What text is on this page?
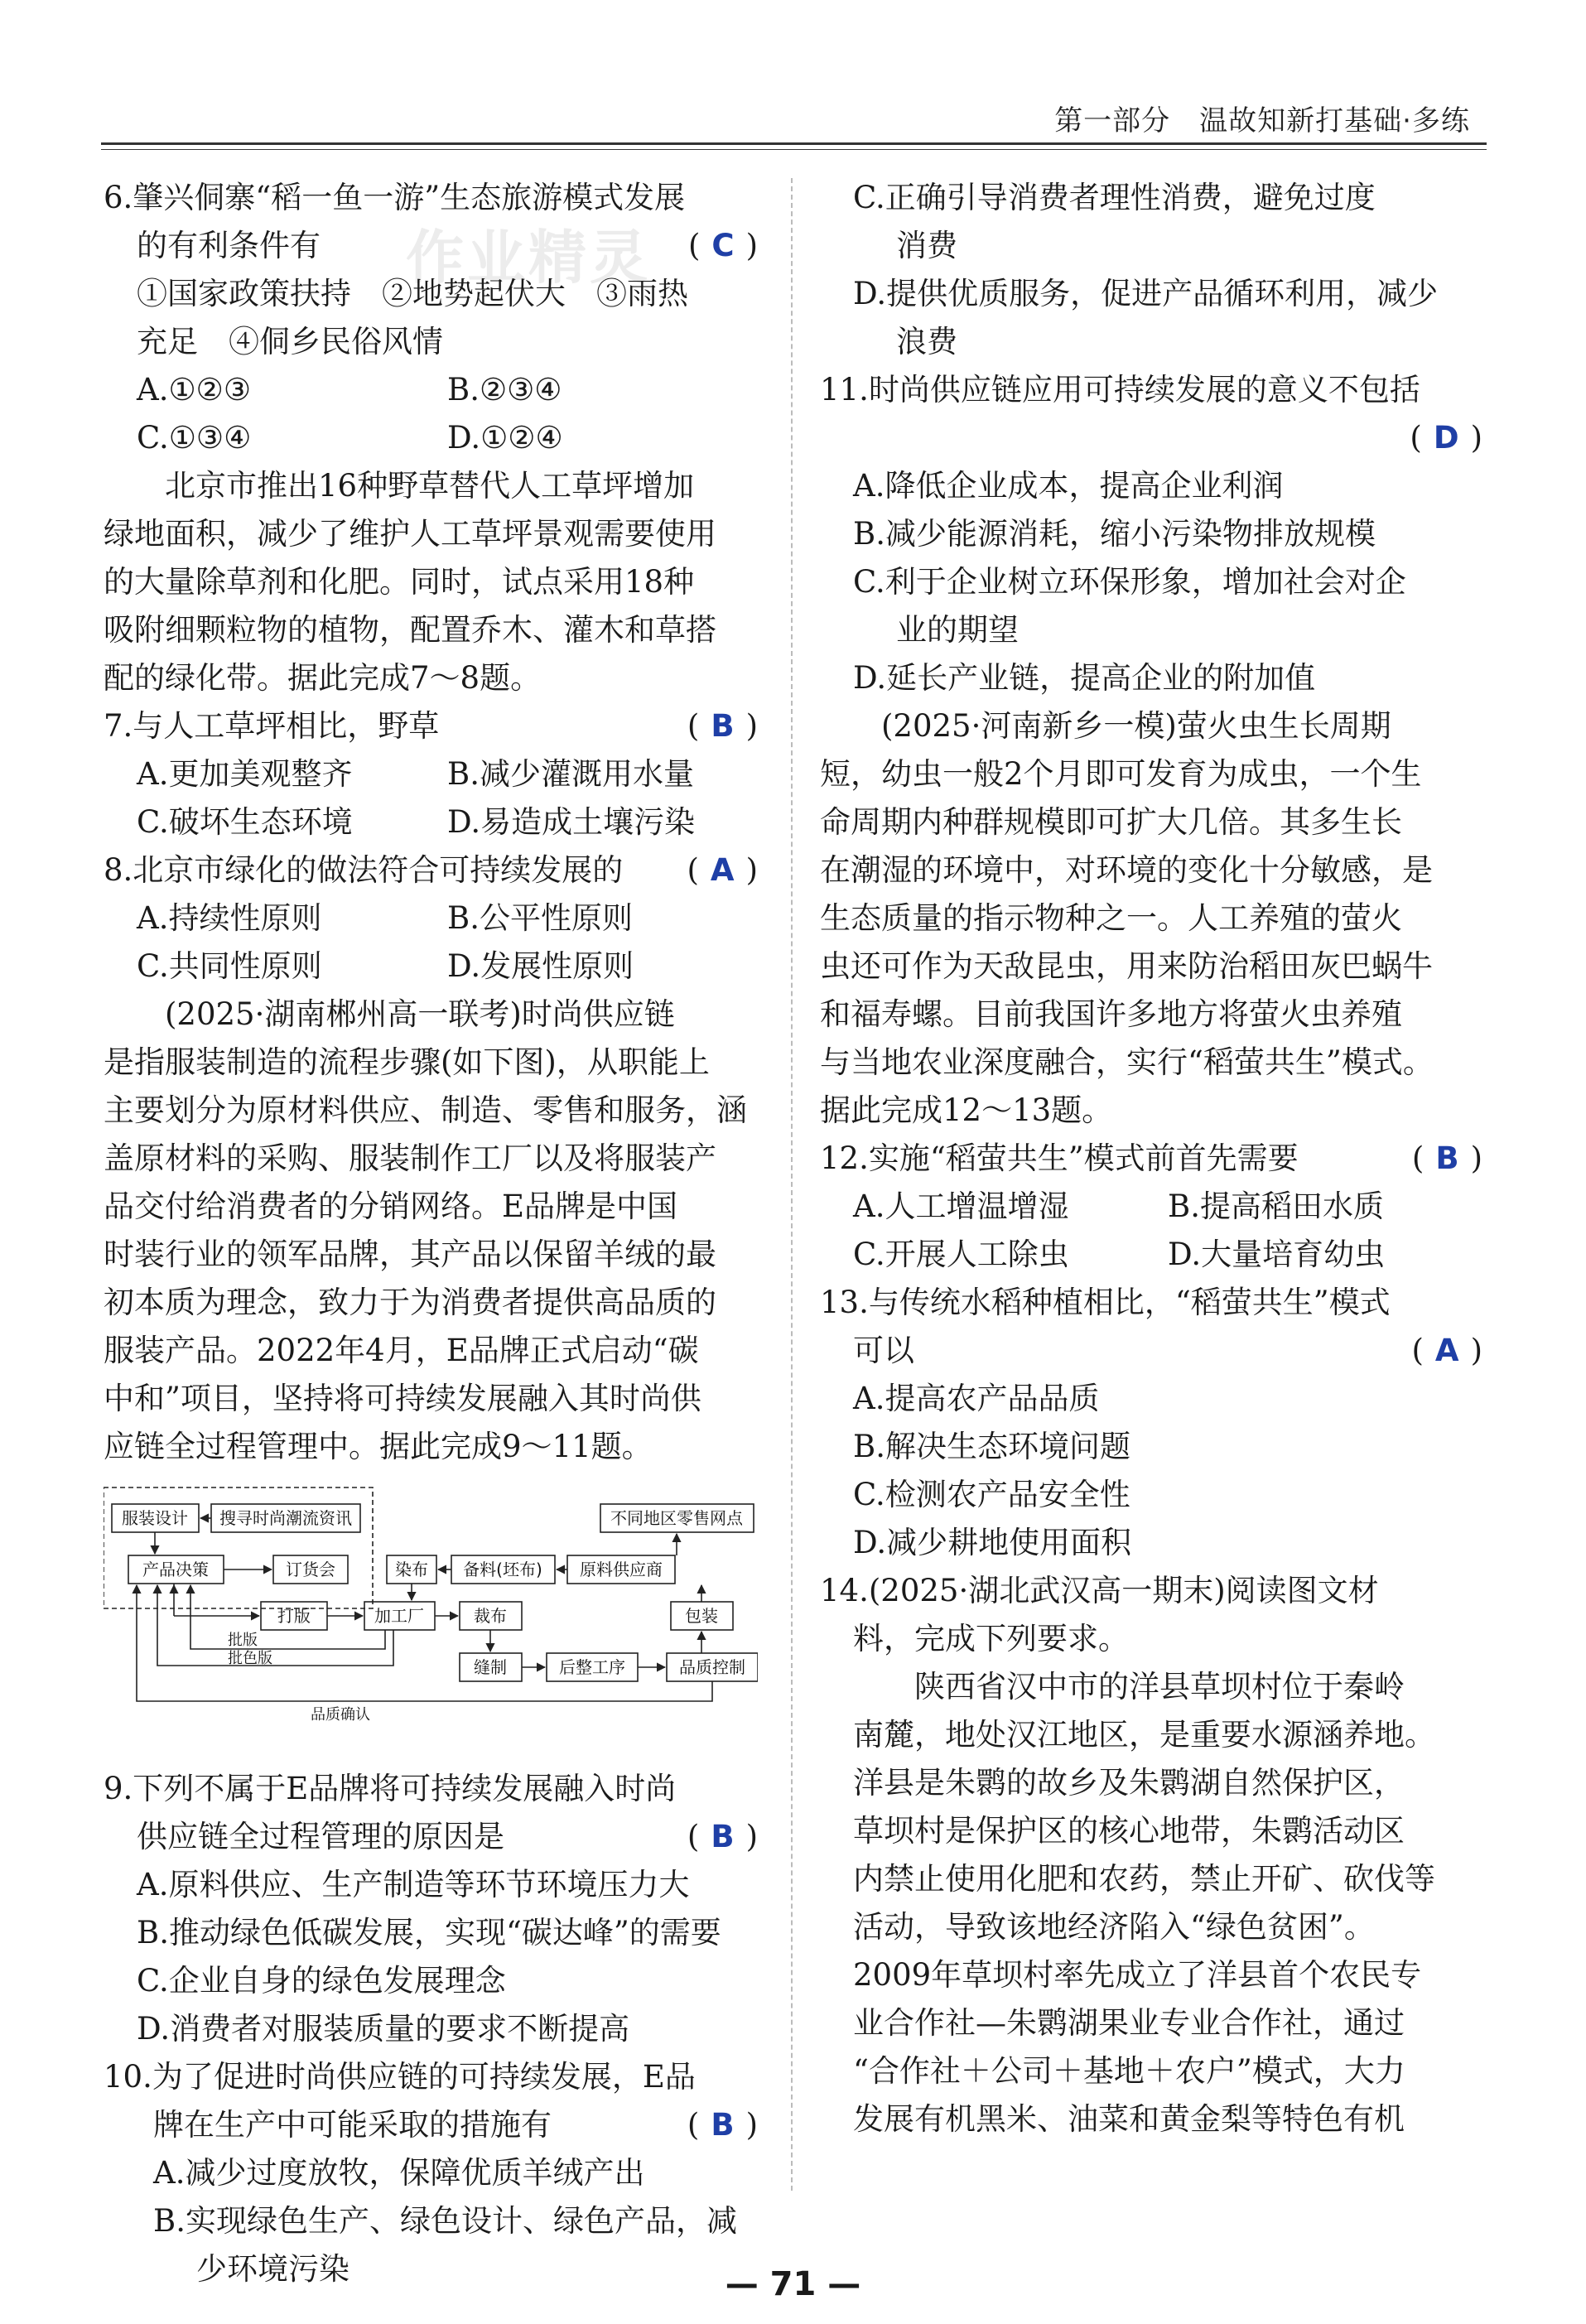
第一部分　温故知新打基础·多练
作业精灵
6.肇兴侗寨“稻一鱼一游”生态旅游模式发展
的有利条件有	( C )
①国家政策扶持　②地势起伏大　③雨热
充足　④侗乡民俗风情
A.①②③	B.②③④
C.①③④	D.①②④
北京市推出16种野草替代人工草坪增加
绿地面积，减少了维护人工草坪景观需要使用
的大量除草剂和化肥。同时，试点采用18种
吸附细颗粒物的植物，配置乔木、灌木和草搭
配的绿化带。据此完成7～8题。
7.与人工草坪相比，野草	( B )
A.更加美观整齐	B.减少灌溉用水量
C.破坏生态环境	D.易造成土壤污染
8.北京市绿化的做法符合可持续发展的	( A )
A.持续性原则	B.公平性原则
C.共同性原则	D.发展性原则
(2025·湖南郴州高一联考)时尚供应链
是指服装制造的流程步骤(如下图)，从职能上
主要划分为原材料供应、制造、零售和服务，涵
盖原材料的采购、服装制作工厂以及将服装产
品交付给消费者的分销网络。E品牌是中国
时装行业的领军品牌，其产品以保留羊绒的最
初本质为理念，致力于为消费者提供高品质的
服装产品。2022年4月，E品牌正式启动“碳
中和”项目，坚持将可持续发展融入其时尚供
应链全过程管理中。据此完成9～11题。
服装设计 搜寻时尚潮流资讯
产品决策	订货会
打版	加工厂
染布 备料(坯布) 原料供应商
裁布
缝制	后整工序	品质控制
包装
不同地区零售网点
批版
批色版
品质确认
9.下列不属于E品牌将可持续发展融入时尚
供应链全过程管理的原因是	( B )
A.原料供应、生产制造等环节环境压力大
B.推动绿色低碳发展，实现“碳达峰”的需要
C.企业自身的绿色发展理念
D.消费者对服装质量的要求不断提高
10.为了促进时尚供应链的可持续发展，E品
牌在生产中可能采取的措施有	( B )
A.减少过度放牧，保障优质羊绒产出
B.实现绿色生产、绿色设计、绿色产品，减
少环境污染
C.正确引导消费者理性消费，避免过度
消费
D.提供优质服务，促进产品循环利用，减少
浪费
11.时尚供应链应用可持续发展的意义不包括
( D )
A.降低企业成本，提高企业利润
B.减少能源消耗，缩小污染物排放规模
C.利于企业树立环保形象，增加社会对企
业的期望
D.延长产业链，提高企业的附加值
(2025·河南新乡一模)萤火虫生长周期
短，幼虫一般2个月即可发育为成虫，一个生
命周期内种群规模即可扩大几倍。其多生长
在潮湿的环境中，对环境的变化十分敏感，是
生态质量的指示物种之一。人工养殖的萤火
虫还可作为天敌昆虫，用来防治稻田灰巴蜗牛
和福寿螺。目前我国许多地方将萤火虫养殖
与当地农业深度融合，实行“稻萤共生”模式。
据此完成12～13题。
12.实施“稻萤共生”模式前首先需要	( B )
A.人工增温增湿	B.提高稻田水质
C.开展人工除虫	D.大量培育幼虫
13.与传统水稻种植相比，“稻萤共生”模式
可以	( A )
A.提高农产品品质
B.解决生态环境问题
C.检测农产品安全性
D.减少耕地使用面积
14.(2025·湖北武汉高一期末)阅读图文材
料，完成下列要求。
陕西省汉中市的洋县草坝村位于秦岭
南麓，地处汉江地区，是重要水源涵养地。
洋县是朱鹮的故乡及朱鹮湖自然保护区，
草坝村是保护区的核心地带，朱鹮活动区
内禁止使用化肥和农药，禁止开矿、砍伐等
活动，导致该地经济陷入“绿色贫困”。
2009年草坝村率先成立了洋县首个农民专
业合作社—朱鹮湖果业专业合作社，通过
“合作社＋公司＋基地＋农户”模式，大力
发展有机黑米、油菜和黄金梨等特色有机
— 71 —
